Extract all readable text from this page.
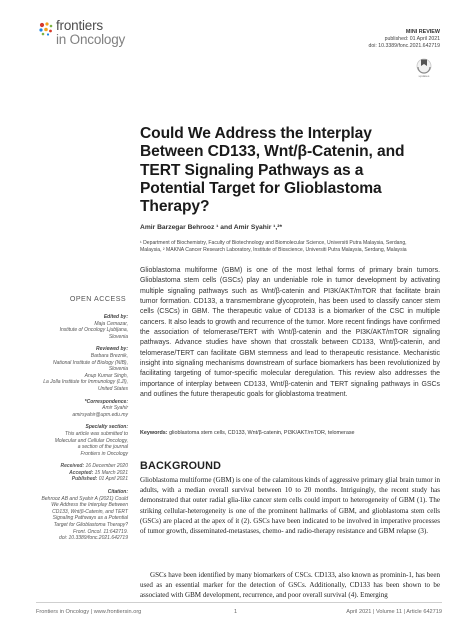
frontiers
in Oncology	MINI REVIEW
published: 01 April 2021
doi: 10.3389/fonc.2021.642719
updates
Could We Address the Interplay Between CD133, Wnt/β-Catenin, and TERT Signaling Pathways as a Potential Target for Glioblastoma Therapy?
Amir Barzegar Behrooz ¹ and Amir Syahir ¹,²*
¹ Department of Biochemistry, Faculty of Biotechnology and Biomolecular Science, Universiti Putra Malaysia, Serdang,
Malaysia, ² MAKNA Cancer Research Laboratory, Institute of Bioscience, Universiti Putra Malaysia, Serdang, Malaysia
OPEN ACCESS
Edited by:
Maja Cemazar,
Institute of Oncology Ljubljana,
Slovenia
Reviewed by:
Barbara Breznik,
National Institute of Biology (NIB),
Slovenia
Anup Kumar Singh,
La Jolla Institute for Immunology (LJI),
United States
*Correspondence:
Amir Syahir
amirsyahir@upm.edu.my
Specialty section:
This article was submitted to
Molecular and Cellular Oncology,
a section of the journal
Frontiers in Oncology
Received: 16 December 2020
Accepted: 15 March 2021
Published: 01 April 2021
Citation:
Behrooz AB and Syahir A (2021) Could
We Address the Interplay Between
CD133, Wnt/β-Catenin, and TERT
Signaling Pathways as a Potential
Target for Glioblastoma Therapy?
Front. Oncol. 11:642719.
doi: 10.3389/fonc.2021.642719
Glioblastoma multiforme (GBM) is one of the most lethal forms of primary brain tumors. Glioblastoma stem cells (GSCs) play an undeniable role in tumor development by activating multiple signaling pathways such as Wnt/β-catenin and PI3K/AKT/mTOR that facilitate brain tumor formation. CD133, a transmembrane glycoprotein, has been used to classify cancer stem cells (CSCs) in GBM. The therapeutic value of CD133 is a biomarker of the CSC in multiple cancers. It also leads to growth and recurrence of the tumor. More recent findings have confirmed the association of telomerase/TERT with Wnt/β-catenin and the PI3K/AKT/mTOR signaling pathways. Advance studies have shown that crosstalk between CD133, Wnt/β-catenin, and telomerase/TERT can facilitate GBM stemness and lead to therapeutic resistance. Mechanistic insight into signaling mechanisms downstream of surface biomarkers has been revolutionized by facilitating targeting of tumor-specific molecular deregulation. This review also addresses the importance of interplay between CD133, Wnt/β-catenin and TERT signaling pathways in GSCs and outlines the future therapeutic goals for glioblastoma treatment.
Keywords: glioblastoma stem cells, CD133, Wnt/β-catenin, PI3K/AKT/mTOR, telomerase
BACKGROUND
Glioblastoma multiforme (GBM) is one of the calamitous kinds of aggressive primary glial brain tumor in adults, with a median overall survival between 10 to 20 months. Intriguingly, the recent study has demonstrated that outer radial glia-like cancer stem cells could import to heterogeneity of GBM (1). The striking cellular-heterogeneity is one of the prominent hallmarks of GBM, and glioblastoma stem cells (GSCs) are placed at the apex of it (2). GSCs have been indicated to be involved in imperative processes of tumor growth, disseminated-metastases, chemo- and radio-therapy resistance and GBM relapse (3).
GSCs have been identified by many biomarkers of CSCs. CD133, also known as prominin-1, has been used as an essential marker for the detection of GSCs. Additionally, CD133 has been shown to be associated with GBM development, recurrence, and poor overall survival (4). Emerging
Frontiers in Oncology | www.frontiersin.org	1	April 2021 | Volume 11 | Article 642719
